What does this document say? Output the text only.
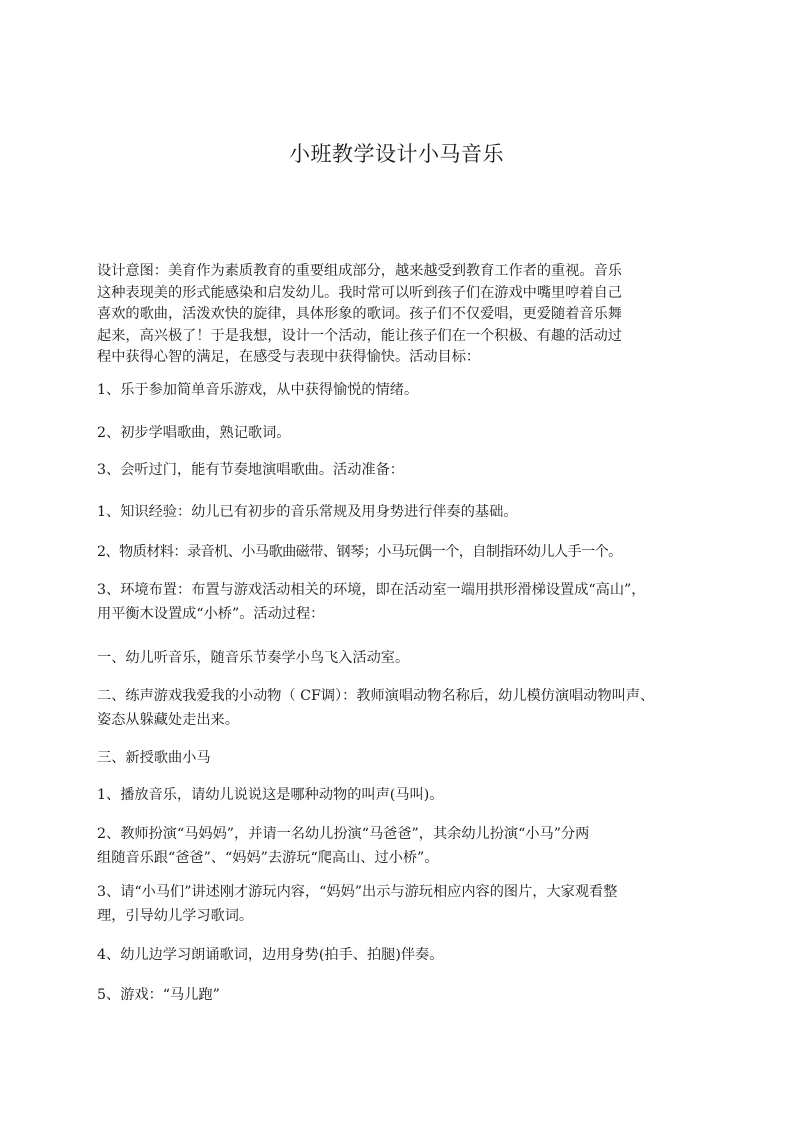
小班教学设计小马音乐
设计意图：美育作为素质教育的重要组成部分，越来越受到教育工作者的重视。音乐
这种表现美的形式能感染和启发幼儿。我时常可以听到孩子们在游戏中嘴里哼着自己
喜欢的歌曲，活泼欢快的旋律，具体形象的歌词。孩子们不仅爱唱，更爱随着音乐舞
起来，高兴极了！于是我想，设计一个活动，能让孩子们在一个积极、有趣的活动过
程中获得心智的满足，在感受与表现中获得愉快。活动目标：
1、乐于参加简单音乐游戏，从中获得愉悦的情绪。
2、初步学唱歌曲，熟记歌词。
3、会听过门，能有节奏地演唱歌曲。活动准备：
1、知识经验：幼儿已有初步的音乐常规及用身势进行伴奏的基础。
2、物质材料：录音机、小马歌曲磁带、钢琴；小马玩偶一个，自制指环幼儿人手一个。
3、环境布置：布置与游戏活动相关的环境，即在活动室一端用拱形滑梯设置成“高山”，
用平衡木设置成“小桥”。活动过程：
一、幼儿听音乐，随音乐节奏学小鸟飞入活动室。
二、练声游戏我爱我的小动物（ CF调）：教师演唱动物名称后，幼儿模仿演唱动物叫声、
姿态从躲藏处走出来。
三、新授歌曲小马
1、播放音乐，请幼儿说说这是哪种动物的叫声(马叫)。
2、教师扮演“马妈妈”，并请一名幼儿扮演“马爸爸”，其余幼儿扮演“小马”分两
组随音乐跟“爸爸”、“妈妈”去游玩“爬高山、过小桥”。
3、请“小马们”讲述刚才游玩内容，“妈妈”出示与游玩相应内容的图片，大家观看整
理，引导幼儿学习歌词。
4、幼儿边学习朗诵歌词，边用身势(拍手、拍腿)伴奏。
5、游戏：“马儿跑”
